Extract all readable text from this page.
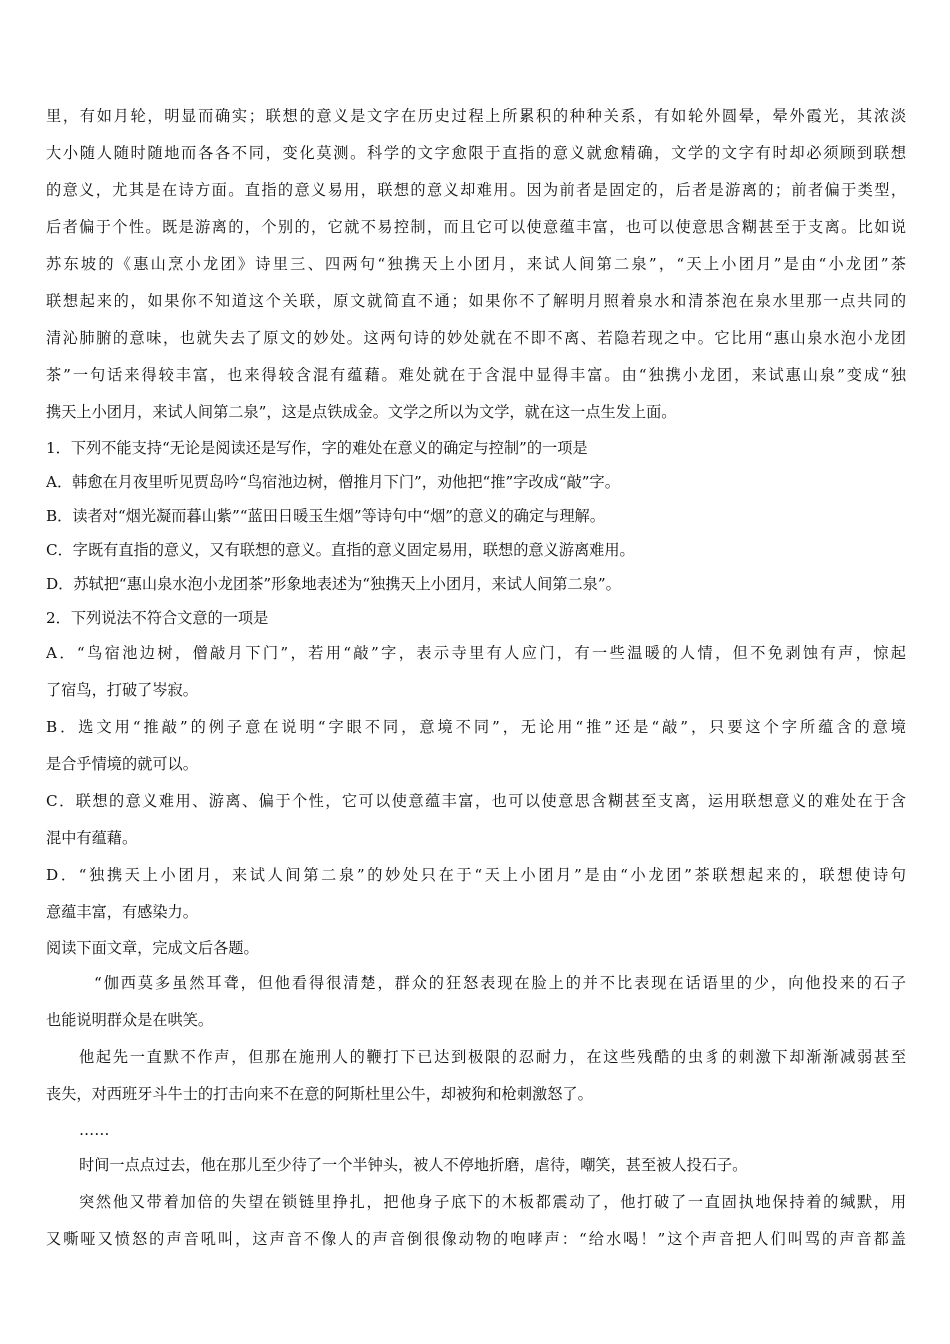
里，有如月轮，明显而确实；联想的意义是文字在历史过程上所累积的种种关系，有如轮外圆晕，晕外霞光，其浓淡
大小随人随时随地而各各不同，变化莫测。科学的文字愈限于直指的意义就愈精确，文学的文字有时却必须顾到联想
的意义，尤其是在诗方面。直指的意义易用，联想的意义却难用。因为前者是固定的，后者是游离的；前者偏于类型，
后者偏于个性。既是游离的，个别的，它就不易控制，而且它可以使意蕴丰富，也可以使意思含糊甚至于支离。比如说
苏东坡的《惠山烹小龙团》诗里三、四两句“独携天上小团月，来试人间第二泉”，“天上小团月”是由“小龙团”茶
联想起来的，如果你不知道这个关联，原文就简直不通；如果你不了解明月照着泉水和清茶泡在泉水里那一点共同的
清沁肺腑的意味，也就失去了原文的妙处。这两句诗的妙处就在不即不离、若隐若现之中。它比用“惠山泉水泡小龙团
茶”一句话来得较丰富，也来得较含混有蕴藉。难处就在于含混中显得丰富。由“独携小龙团，来试惠山泉”变成“独
携天上小团月，来试人间第二泉”，这是点铁成金。文学之所以为文学，就在这一点生发上面。
1．下列不能支持“无论是阅读还是写作，字的难处在意义的确定与控制”的一项是
A．韩愈在月夜里听见贾岛吟“鸟宿池边树，僧推月下门”，劝他把“推”字改成“敲”字。
B．读者对“烟光凝而暮山紫”“蓝田日暖玉生烟”等诗句中“烟”的意义的确定与理解。
C．字既有直指的意义，又有联想的意义。直指的意义固定易用，联想的意义游离难用。
D．苏轼把“惠山泉水泡小龙团茶”形象地表述为“独携天上小团月，来试人间第二泉”。
2．下列说法不符合文意的一项是
A．“鸟宿池边树，僧敲月下门”，若用“敲”字，表示寺里有人应门，有一些温暖的人情，但不免剥蚀有声，惊起
了宿鸟，打破了岑寂。
B．选文用“推敲”的例子意在说明“字眼不同，意境不同”，无论用“推”还是“敲”，只要这个字所蕴含的意境
是合乎情境的就可以。
C．联想的意义难用、游离、偏于个性，它可以使意蕴丰富，也可以使意思含糊甚至支离，运用联想意义的难处在于含
混中有蕴藉。
D．“独携天上小团月，来试人间第二泉”的妙处只在于“天上小团月”是由“小龙团”茶联想起来的，联想使诗句
意蕴丰富，有感染力。
阅读下面文章，完成文后各题。
“伽西莫多虽然耳聋，但他看得很清楚，群众的狂怒表现在脸上的并不比表现在话语里的少，向他投来的石子
也能说明群众是在哄笑。
他起先一直默不作声，但那在施刑人的鞭打下已达到极限的忍耐力，在这些残酷的虫豸的刺激下却渐渐减弱甚至
丧失，对西班牙斗牛士的打击向来不在意的阿斯杜里公牛，却被狗和枪刺激怒了。
……
时间一点点过去，他在那儿至少待了一个半钟头，被人不停地折磨，虐待，嘲笑，甚至被人投石子。
突然他又带着加倍的失望在锁链里挣扎，把他身子底下的木板都震动了，他打破了一直固执地保持着的缄默，用
又嘶哑又愤怒的声音吼叫，这声音不像人的声音倒很像动物的咆哮声：“给水喝！”这个声音把人们叫骂的声音都盖
